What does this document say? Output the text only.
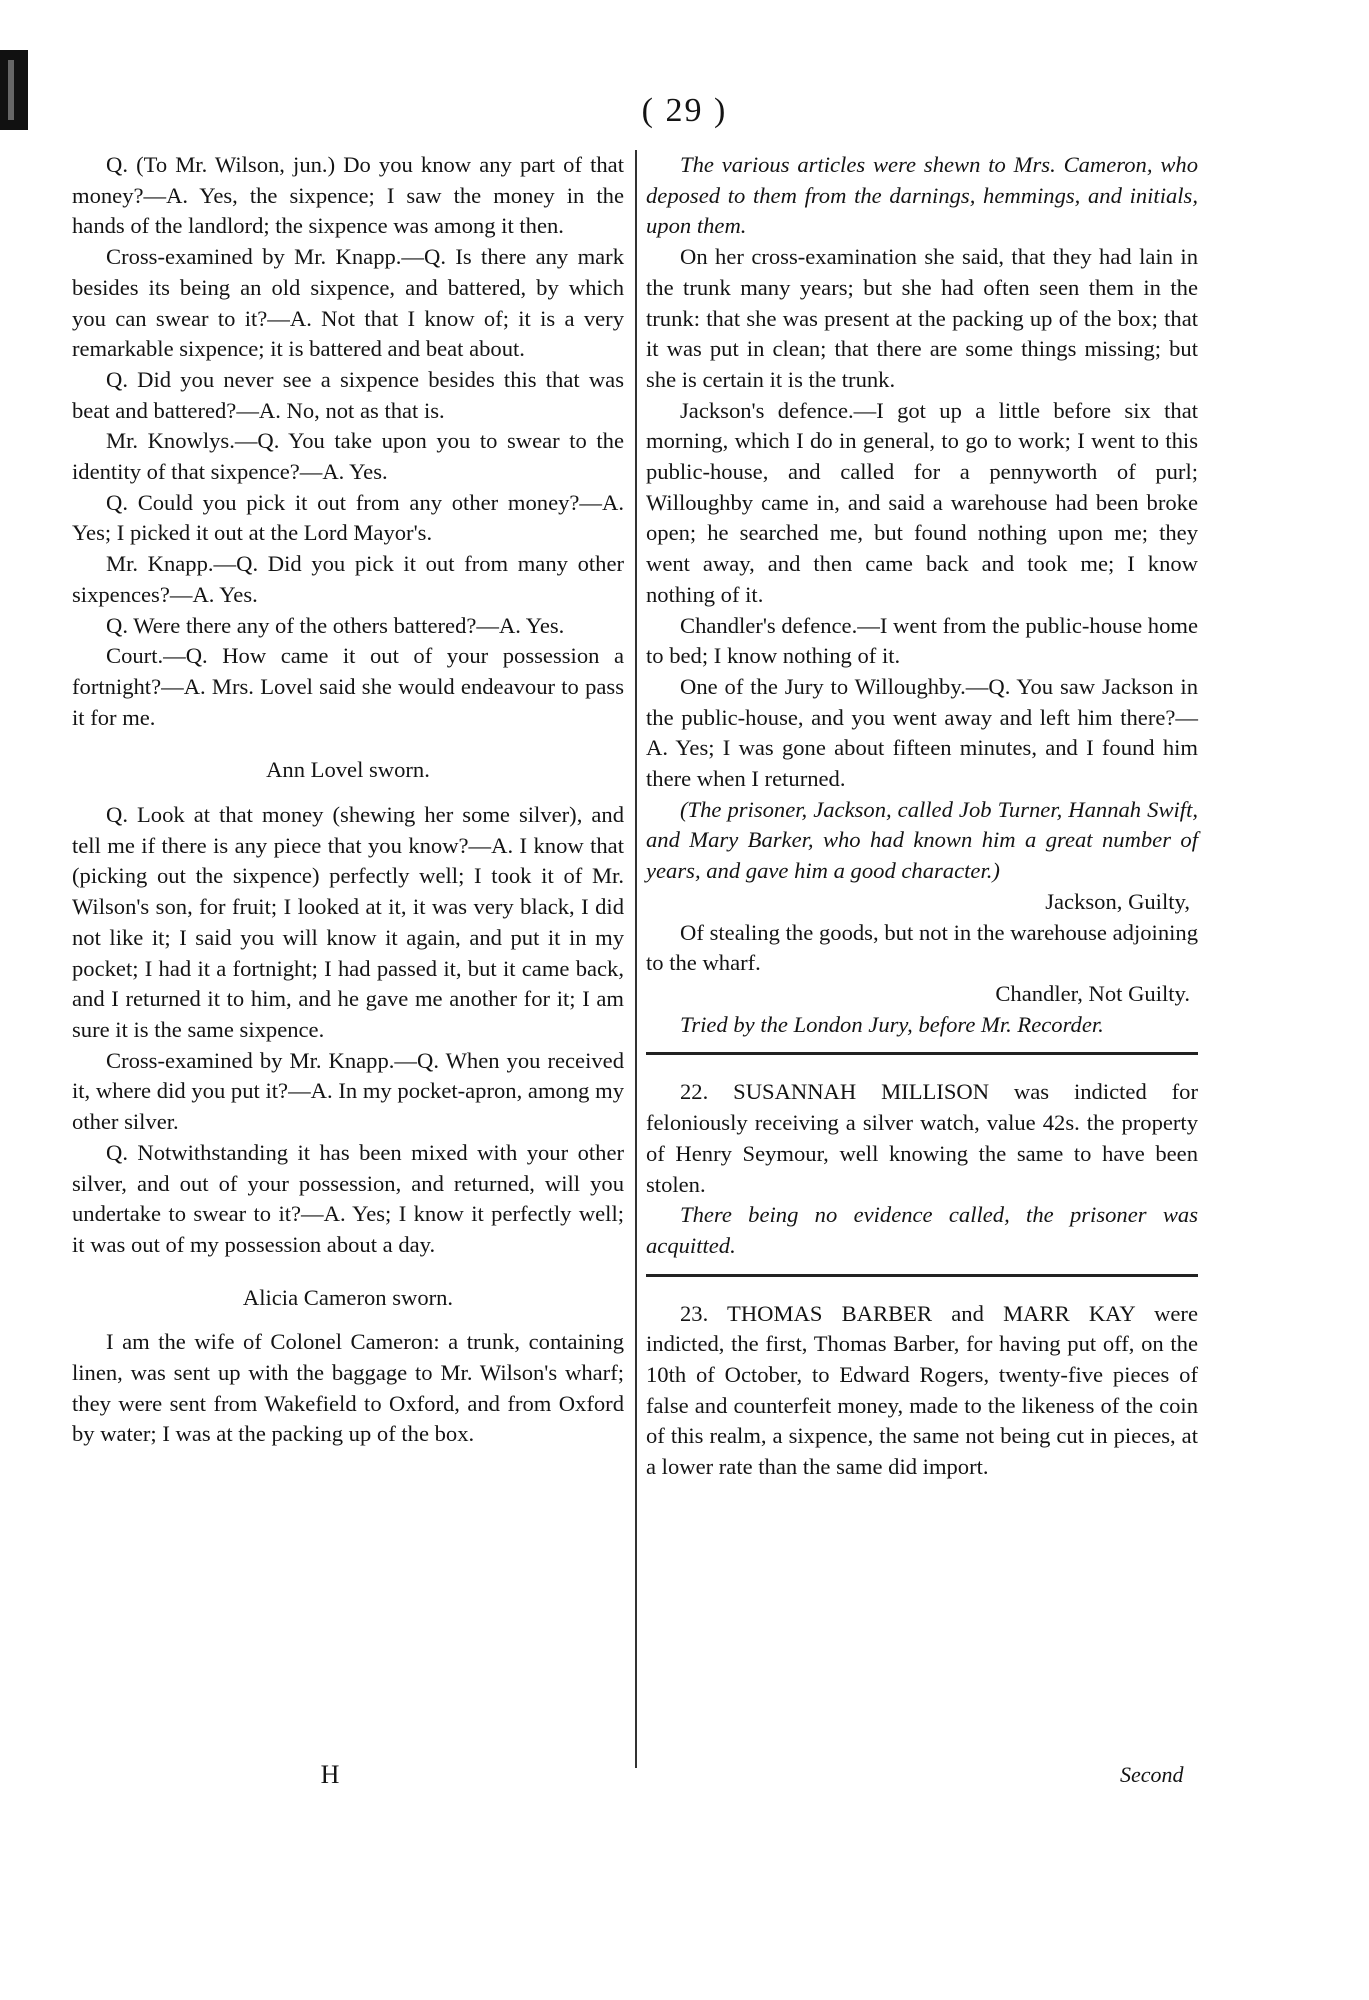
( 29 )

Q. (To Mr. Wilson, jun.) Do you know any part of that money?—A. Yes, the sixpence; I saw the money in the hands of the landlord; the sixpence was among it then.

Cross-examined by Mr. Knapp.—Q. Is there any mark besides its being an old sixpence, and battered, by which you can swear to it?—A. Not that I know of; it is a very remarkable sixpence; it is battered and beat about.

Q. Did you never see a sixpence besides this that was beat and battered?—A. No, not as that is.

Mr. Knowlys.—Q. You take upon you to swear to the identity of that sixpence?—A. Yes.

Q. Could you pick it out from any other money?—A. Yes; I picked it out at the Lord Mayor's.

Mr. Knapp.—Q. Did you pick it out from many other sixpences?—A. Yes.

Q. Were there any of the others battered?—A. Yes.

Court.—Q. How came it out of your possession a fortnight?—A. Mrs. Lovel said she would endeavour to pass it for me.

Ann Lovel sworn.

Q. Look at that money (shewing her some silver), and tell me if there is any piece that you know?—A. I know that (picking out the sixpence) perfectly well; I took it of Mr. Wilson's son, for fruit; I looked at it, it was very black, I did not like it; I said you will know it again, and put it in my pocket; I had it a fortnight; I had passed it, but it came back, and I returned it to him, and he gave me another for it; I am sure it is the same sixpence.

Cross-examined by Mr. Knapp.—Q. When you received it, where did you put it?—A. In my pocket-apron, among my other silver.

Q. Notwithstanding it has been mixed with your other silver, and out of your possession, and returned, will you undertake to swear to it?—A. Yes; I know it perfectly well; it was out of my possession about a day.

Alicia Cameron sworn.

I am the wife of Colonel Cameron: a trunk, containing linen, was sent up with the baggage to Mr. Wilson's wharf; they were sent from Wakefield to Oxford, and from Oxford by water; I was at the packing up of the box.

The various articles were shewn to Mrs. Cameron, who deposed to them from the darnings, hemmings, and initials, upon them.

On her cross-examination she said, that they had lain in the trunk many years; but she had often seen them in the trunk: that she was present at the packing up of the box; that it was put in clean; that there are some things missing; but she is certain it is the trunk.

Jackson's defence.—I got up a little before six that morning, which I do in general, to go to work; I went to this public-house, and called for a pennyworth of purl; Willoughby came in, and said a warehouse had been broke open; he searched me, but found nothing upon me; they went away, and then came back and took me; I know nothing of it.

Chandler's defence.—I went from the public-house home to bed; I know nothing of it.

One of the Jury to Willoughby.—Q. You saw Jackson in the public-house, and you went away and left him there?—A. Yes; I was gone about fifteen minutes, and I found him there when I returned.

(The prisoner, Jackson, called Job Turner, Hannah Swift, and Mary Barker, who had known him a great number of years, and gave him a good character.)

Jackson, Guilty,

Of stealing the goods, but not in the warehouse adjoining to the wharf.

Chandler, Not Guilty.

Tried by the London Jury, before Mr. Recorder.

22. SUSANNAH MILLISON was indicted for feloniously receiving a silver watch, value 42s. the property of Henry Seymour, well knowing the same to have been stolen.

There being no evidence called, the prisoner was acquitted.

23. THOMAS BARBER and MARR KAY were indicted, the first, Thomas Barber, for having put off, on the 10th of October, to Edward Rogers, twenty-five pieces of false and counterfeit money, made to the likeness of the coin of this realm, a sixpence, the same not being cut in pieces, at a lower rate than the same did import.

H	Second
